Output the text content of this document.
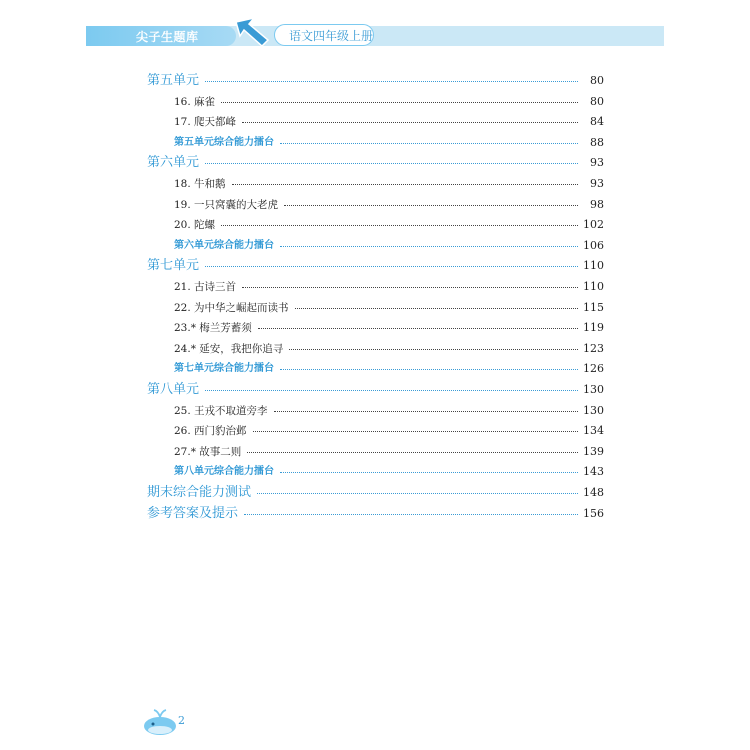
尖子生题库	语文四年级上册
第五单元	80
16. 麻雀	80
17. 爬天都峰	84
第五单元综合能力擂台	88
第六单元	93
18. 牛和鹅	93
19. 一只窝囊的大老虎	98
20. 陀螺	102
第六单元综合能力擂台	106
第七单元	110
21. 古诗三首	110
22. 为中华之崛起而读书	115
23.* 梅兰芳蓄须	119
24.* 延安，我把你追寻	123
第七单元综合能力擂台	126
第八单元	130
25. 王戎不取道旁李	130
26. 西门豹治邺	134
27.* 故事二则	139
第八单元综合能力擂台	143
期末综合能力测试	148
参考答案及提示	156
2
